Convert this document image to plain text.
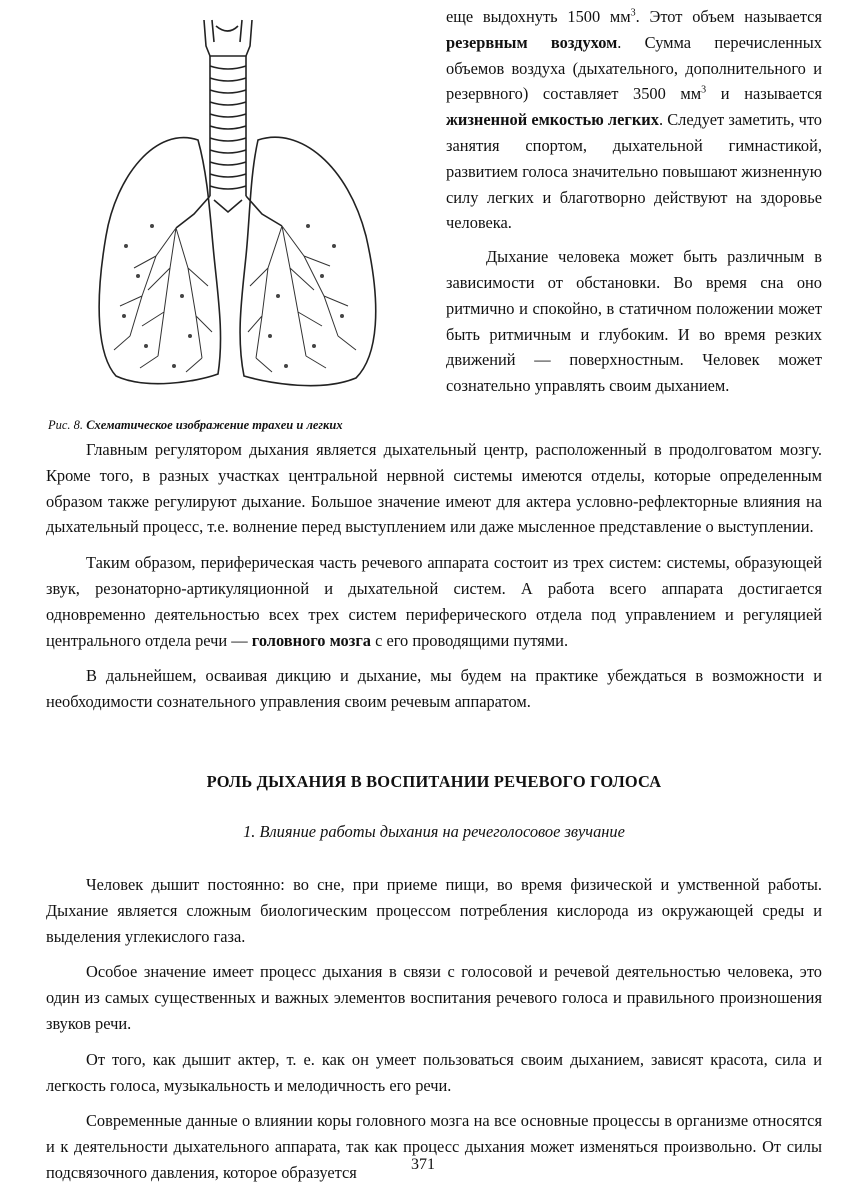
Рис. 8. Схематическое изображение трахеи и легких

еще выдохнуть 1500 $мм^3$. Этот объем называется резервным воздухом. Сумма перечисленных объемов воздуха (дыхательного, дополнительного и резервного) составляет 3500 $мм^3$ и называется жизненной емкостью легких. Следует заметить, что занятия спортом, дыхательной гимнастикой, развитием голоса значительно повышают жизненную силу легких и благотворно действуют на здоровье человека.

Дыхание человека может быть различным в зависимости от обстановки. Во время сна оно ритмично и спокойно, в статичном положении может быть ритмичным и глубоким. И во время резких движений — поверхностным. Человек может сознательно управлять своим дыханием.

Главным регулятором дыхания является дыхательный центр, расположенный в продолговатом мозгу. Кроме того, в разных участках центральной нервной системы имеются отделы, которые определенным образом также регулируют дыхание. Большое значение имеют для актера условно-рефлекторные влияния на дыхательный процесс, т.е. волнение перед выступлением или даже мысленное представление о выступлении.

Таким образом, периферическая часть речевого аппарата состоит из трех систем: системы, образующей звук, резонаторно-артикуляционной и дыхательной систем. А работа всего аппарата достигается одновременно деятельностью всех трех систем периферического отдела под управлением и регуляцией центрального отдела речи — головного мозга с его проводящими путями.

В дальнейшем, осваивая дикцию и дыхание, мы будем на практике убеждаться в возможности и необходимости сознательного управления своим речевым аппаратом.

РОЛЬ ДЫХАНИЯ В ВОСПИТАНИИ РЕЧЕВОГО ГОЛОСА
1. Влияние работы дыхания на речеголосовое звучание

Человек дышит постоянно: во сне, при приеме пищи, во время физической и умственной работы. Дыхание является сложным биологическим процессом потребления кислорода из окружающей среды и выделения углекислого газа.

Особое значение имеет процесс дыхания в связи с голосовой и речевой деятельностью человека, это один из самых существенных и важных элементов воспитания речевого голоса и правильного произношения звуков речи.

От того, как дышит актер, т. е. как он умеет пользоваться своим дыханием, зависят красота, сила и легкость голоса, музыкальность и мелодичность его речи.

Современные данные о влиянии коры головного мозга на все основные процессы в организме относятся и к деятельности дыхательного аппарата, так как процесс дыхания может изменяться произвольно. От силы подсвязочного давления, которое образуется	371
